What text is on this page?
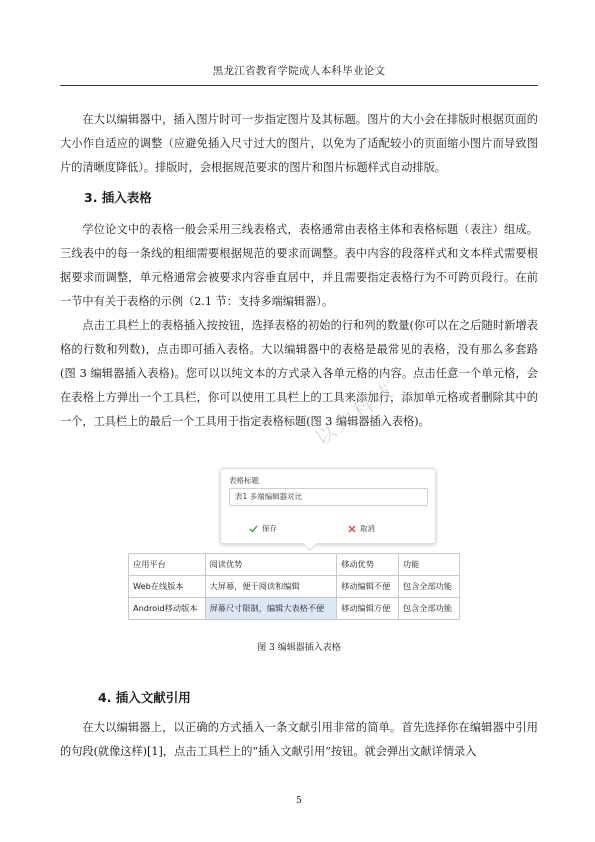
黑龙江省教育学院成人本科毕业论文

在大以编辑器中，插入图片时可一步指定图片及其标题。图片的大小会在排版时根据页面的大小作自适应的调整（应避免插入尺寸过大的图片，以免为了适配较小的页面缩小图片而导致图片的清晰度降低）。排版时，会根据规范要求的图片和图片标题样式自动排版。

3. 插入表格

学位论文中的表格一般会采用三线表格式，表格通常由表格主体和表格标题（表注）组成。三线表中的每一条线的粗细需要根据规范的要求而调整。表中内容的段落样式和文本样式需要根据要求而调整，单元格通常会被要求内容垂直居中，并且需要指定表格行为不可跨页段行。在前一节中有关于表格的示例（2.1 节：支持多端编辑器）。

点击工具栏上的表格插入按按钮，选择表格的初始的行和列的数量(你可以在之后随时新增表格的行数和列数)，点击即可插入表格。大以编辑器中的表格是最常见的表格，没有那么多套路(图 3 编辑器插入表格)。您可以以纯文本的方式录入各单元格的内容。点击任意一个单元格，会在表格上方弹出一个工具栏，你可以使用工具栏上的工具来添加行，添加单元格或者删除其中的一个，工具栏上的最后一个工具用于指定表格标题(图 3 编辑器插入表格)。

以大科技
表格标题
表1 多端编辑器对比
保存	取消
应用平台	阅读优势	移动优势	功能
Web在线版本	大屏幕，便于阅读和编辑	移动编辑不便	包含全部功能
Android移动版本	屏幕尺寸限制，编辑大表格不便	移动编辑方便	包含全部功能
图 3 编辑器插入表格
4. 插入文献引用

在大以编辑器上，以正确的方式插入一条文献引用非常的简单。首先选择你在编辑器中引用的句段(就像这样)[1]，点击工具栏上的“插入文献引用”按钮。就会弹出文献详情录入

5
